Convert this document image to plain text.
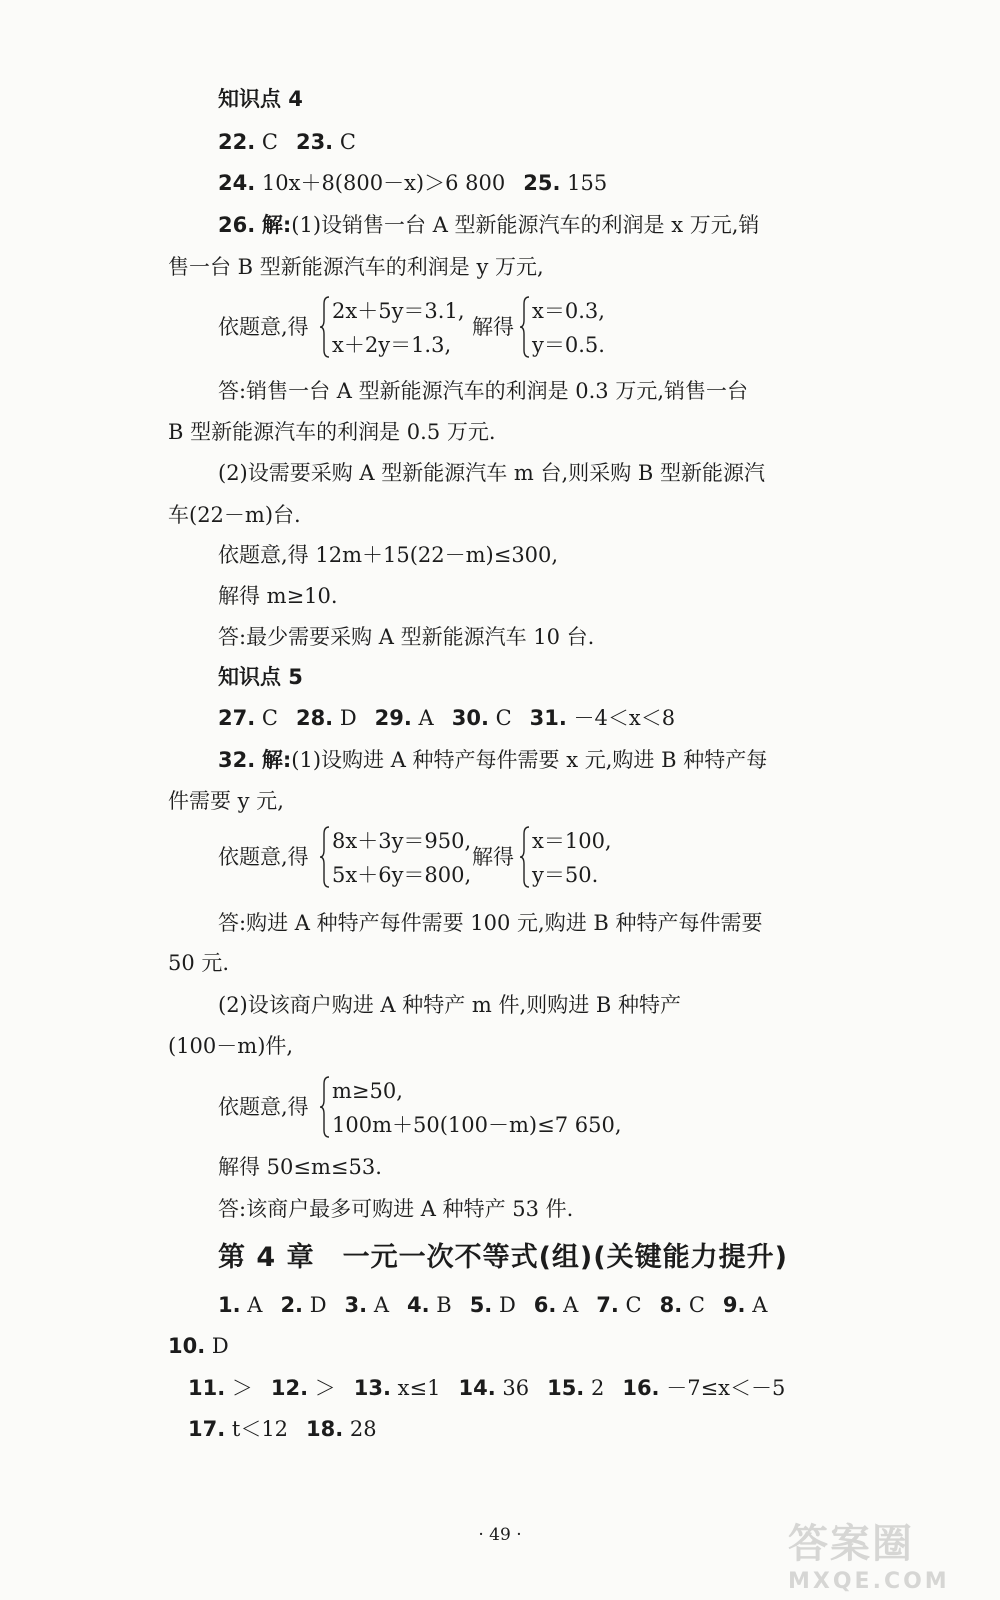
知识点 4
22. C 23. C
24. 10x＋8(800－x)＞6 800 25. 155
26. 解:(1)设销售一台 A 型新能源汽车的利润是 x 万元,销
售一台 B 型新能源汽车的利润是 y 万元,
依题意,得
2x＋5y＝3.1,
x＋2y＝1.3,
解得
x＝0.3,
y＝0.5.
答:销售一台 A 型新能源汽车的利润是 0.3 万元,销售一台
B 型新能源汽车的利润是 0.5 万元.
(2)设需要采购 A 型新能源汽车 m 台,则采购 B 型新能源汽
车(22－m)台.
依题意,得 12m＋15(22－m)≤300,
解得 m≥10.
答:最少需要采购 A 型新能源汽车 10 台.
知识点 5
27. C 28. D 29. A 30. C 31. －4＜x＜8
32. 解:(1)设购进 A 种特产每件需要 x 元,购进 B 种特产每
件需要 y 元,
依题意,得
8x＋3y＝950,
5x＋6y＝800,
解得
x＝100,
y＝50.
答:购进 A 种特产每件需要 100 元,购进 B 种特产每件需要
50 元.
(2)设该商户购进 A 种特产 m 件,则购进 B 种特产
(100－m)件,
依题意,得
m≥50,
100m＋50(100－m)≤7 650,
解得 50≤m≤53.
答:该商户最多可购进 A 种特产 53 件.
第 4 章　一元一次不等式(组)(关键能力提升)
1. A 2. D 3. A 4. B 5. D 6. A 7. C 8. C 9. A
10. D
11. ＞ 12. ＞ 13. x≤1 14. 36 15. 2 16. －7≤x＜－5
17. t＜12 18. 28
· 49 ·	答案圈
MXQE.COM
